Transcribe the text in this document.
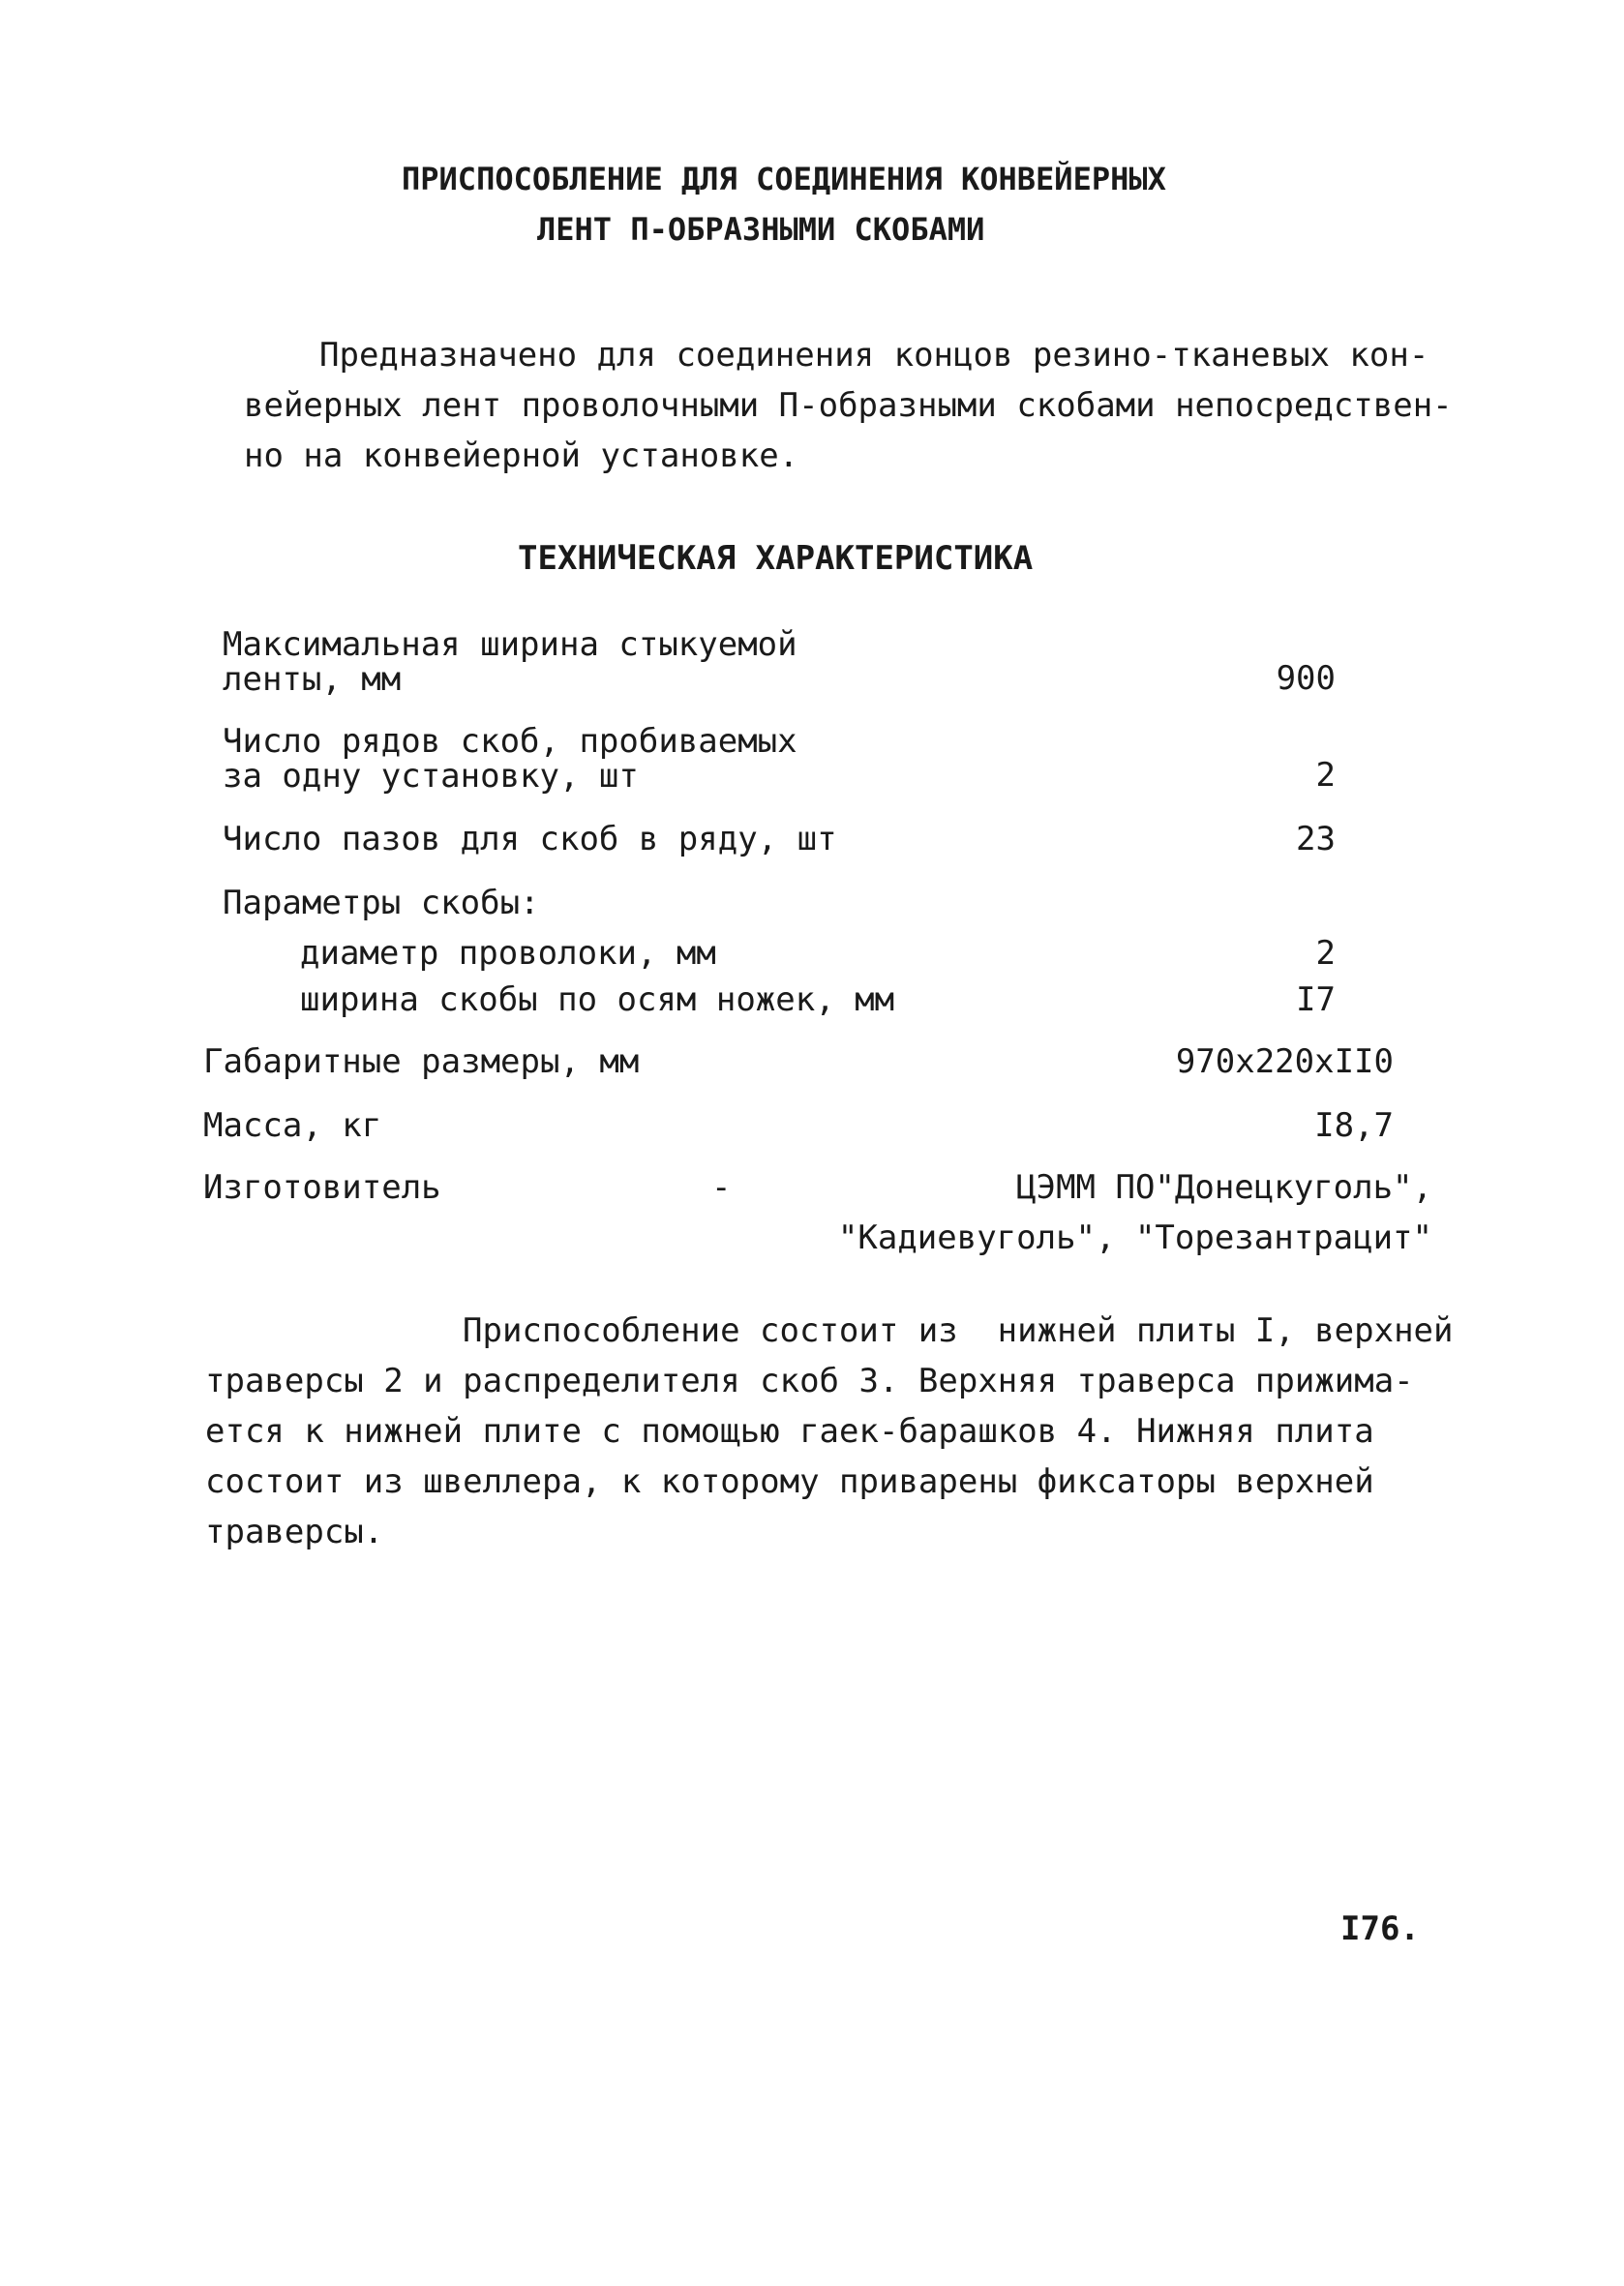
ПРИСПОСОБЛЕНИЕ ДЛЯ СОЕДИНЕНИЯ КОНВЕЙЕРНЫХ
ЛЕНТ П-ОБРАЗНЫМИ СКОБАМИ
Предназначено для соединения концов резино-тканевых кон-
вейерных лент проволочными П-образными скобами непосредствен-
но на конвейерной установке.
ТЕХНИЧЕСКАЯ ХАРАКТЕРИСТИКА
Максимальная ширина стыкуемой
ленты, мм	900
Число рядов скоб, пробиваемых
за одну установку, шт	2
Число пазов для скоб в ряду, шт	23
Параметры скобы:
диаметр проволоки, мм	2
ширина скобы по осям ножек, мм	I7
Габаритные размеры, мм	970х220хII0
Масса, кг	I8,7
Изготовитель	-	ЦЭММ ПО"Донецкуголь",
"Кадиевуголь", "Торезантрацит"
Приспособление состоит из  нижней плиты I, верхней
траверсы 2 и распределителя скоб 3. Верхняя траверса прижима-
ется к нижней плите с помощью гаек-барашков 4. Нижняя плита
состоит из швеллера, к которому приварены фиксаторы верхней
траверсы.
I76.
